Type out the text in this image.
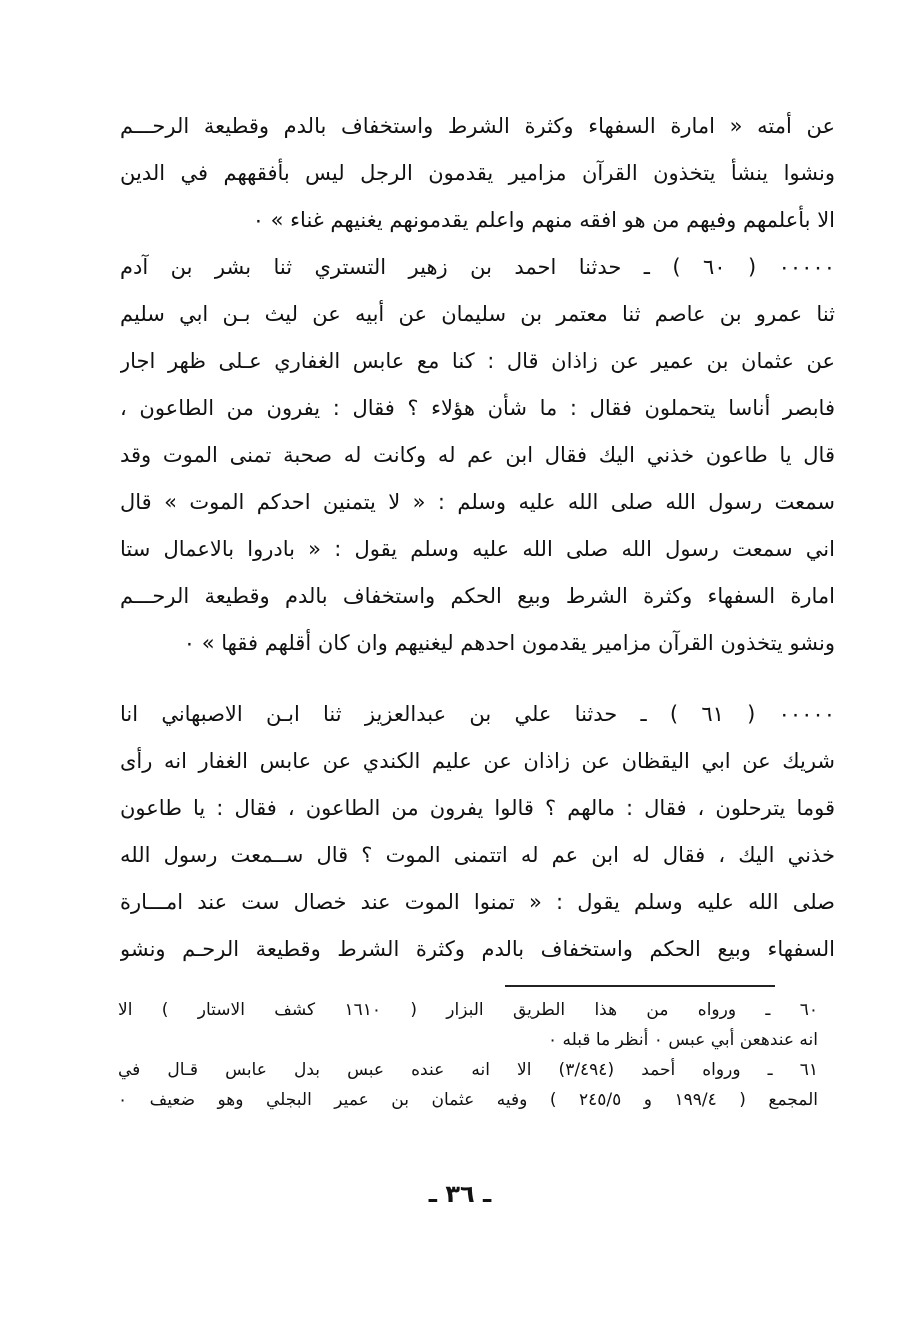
عن أمته « امارة السفهاء وكثرة الشرط واستخفاف بالدم وقطيعة الرحـــم
ونشوا ينشأ يتخذون القرآن مزامير يقدمون الرجل ليس بأفقههم في الدين
الا بأعلمهم وفيهم من هو افقه منهم واعلم يقدمونهم يغنيهم غناء » ٠
٠٠٠٠٠ ( ٦٠ ) ـ حدثنا احمد بن زهير التستري ثنا بشر بن آدم
ثنا عمرو بن عاصم ثنا معتمر بن سليمان عن أبيه عن ليث بـن ابي سليم
عن عثمان بن عمير عن زاذان قال : كنا مع عابس الغفاري عـلى ظهر اجار
فابصر أناسا يتحملون فقال : ما شأن هؤلاء ؟ فقال : يفرون من الطاعون ،
قال يا طاعون خذني اليك فقال ابن عم له وكانت له صحبة تمنى الموت وقد
سمعت رسول الله صلى الله عليه وسلم : « لا يتمنين احدكم الموت » قال
اني سمعت رسول الله صلى الله عليه وسلم يقول : « بادروا بالاعمال ستا
امارة السفهاء وكثرة الشرط وبيع الحكم واستخفاف بالدم وقطيعة الرحـــم
ونشو يتخذون القرآن مزامير يقدمون احدهم ليغنيهم وان كان أقلهم فقها » ٠
٠٠٠٠٠ ( ٦١ ) ـ حدثنا علي بن عبدالعزيز ثنا ابـن الاصبهاني انا
شريك عن ابي اليقظان عن زاذان عن عليم الكندي عن عابس الغفار انه رأى
قوما يترحلون ، فقال : مالهم ؟ قالوا يفرون من الطاعون ، فقال : يا طاعون
خذني اليك ، فقال له ابن عم له اتتمنى الموت ؟ قال ســمعت رسول الله
صلى الله عليه وسلم يقول : « تمنوا الموت عند خصال ست عند امـــارة
السفهاء وبيع الحكم واستخفاف بالدم وكثرة الشرط وقطيعة الرحـم ونشو
٦٠ ـ ورواه من هذا الطريق البزار ( ١٦١٠ كشف الاستار ) الا
انه عندهعن أبي عبس ٠ أنظر ما قبله ٠
٦١ ـ ورواه أحمد (٣/٤٩٤) الا انه عنده عبس بدل عابس قـال في
المجمع ( ١٩٩/٤ و ٢٤٥/٥ ) وفيه عثمان بن عمير البجلي وهو ضعيف ٠
ـ ٣٦ ـ
